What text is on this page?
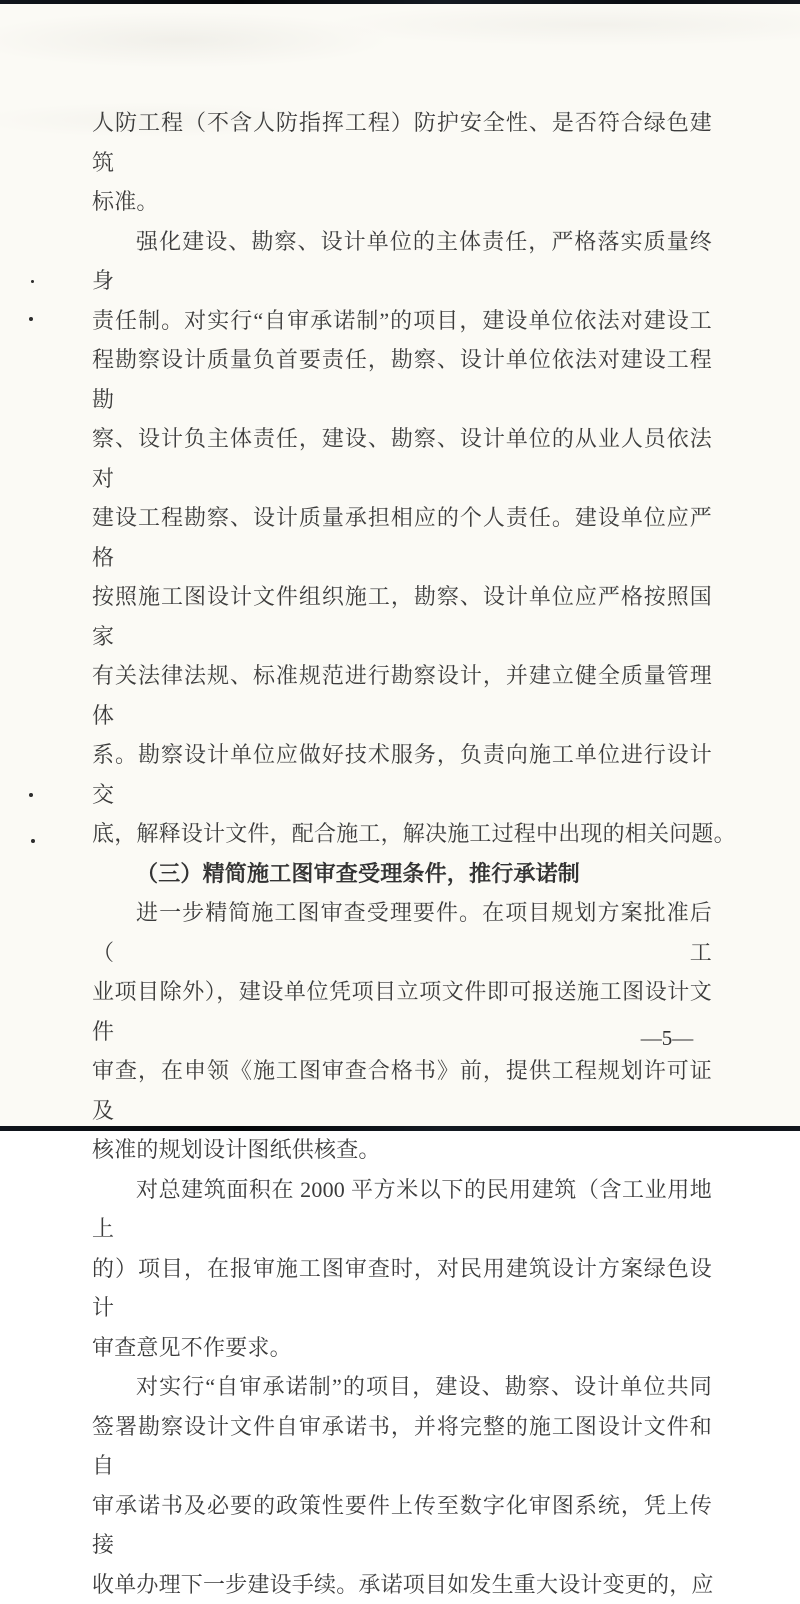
人防工程（不含人防指挥工程）防护安全性、是否符合绿色建筑
标准。
强化建设、勘察、设计单位的主体责任，严格落实质量终身
责任制。对实行“自审承诺制”的项目，建设单位依法对建设工
程勘察设计质量负首要责任，勘察、设计单位依法对建设工程勘
察、设计负主体责任，建设、勘察、设计单位的从业人员依法对
建设工程勘察、设计质量承担相应的个人责任。建设单位应严格
按照施工图设计文件组织施工，勘察、设计单位应严格按照国家
有关法律法规、标准规范进行勘察设计，并建立健全质量管理体
系。勘察设计单位应做好技术服务，负责向施工单位进行设计交
底，解释设计文件，配合施工，解决施工过程中出现的相关问题。
（三）精简施工图审查受理条件，推行承诺制
进一步精简施工图审查受理要件。在项目规划方案批准后（工
业项目除外），建设单位凭项目立项文件即可报送施工图设计文件
审查，在申领《施工图审查合格书》前，提供工程规划许可证及
核准的规划设计图纸供核查。
对总建筑面积在 2000 平方米以下的民用建筑（含工业用地上
的）项目，在报审施工图审查时，对民用建筑设计方案绿色设计
审查意见不作要求。
对实行“自审承诺制”的项目，建设、勘察、设计单位共同
签署勘察设计文件自审承诺书，并将完整的施工图设计文件和自
审承诺书及必要的政策性要件上传至数字化审图系统，凭上传接
收单办理下一步建设手续。承诺项目如发生重大设计变更的，应
—5—
